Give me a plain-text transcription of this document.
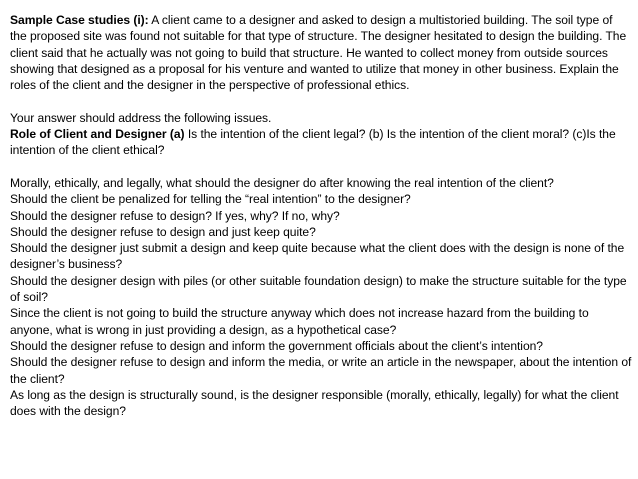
Sample Case studies (i): A client came to a designer and asked to design a multistoried building. The soil type of the proposed site was found not suitable for that type of structure. The designer hesitated to design the building. The client said that he actually was not going to build that structure. He wanted to collect money from outside sources showing that designed as a proposal for his venture and wanted to utilize that money in other business. Explain the roles of the client and the designer in the perspective of professional ethics.

Your answer should address the following issues.

Role of Client and Designer (a) Is the intention of the client legal? (b) Is the intention of the client moral? (c)Is the intention of the client ethical?

Morally, ethically, and legally, what should the designer do after knowing the real intention of the client?

Should the client be penalized for telling the “real intention” to the designer?

Should the designer refuse to design? If yes, why? If no, why?

Should the designer refuse to design and just keep quite?

Should the designer just submit a design and keep quite because what the client does with the design is none of the designer’s business?

Should the designer design with piles (or other suitable foundation design) to make the structure suitable for the type of soil?

Since the client is not going to build the structure anyway which does not increase hazard from the building to anyone, what is wrong in just providing a design, as a hypothetical case?

Should the designer refuse to design and inform the government officials about the client’s intention?

Should the designer refuse to design and inform the media, or write an article in the newspaper, about the intention of the client?

As long as the design is structurally sound, is the designer responsible (morally, ethically, legally) for what the client does with the design?
